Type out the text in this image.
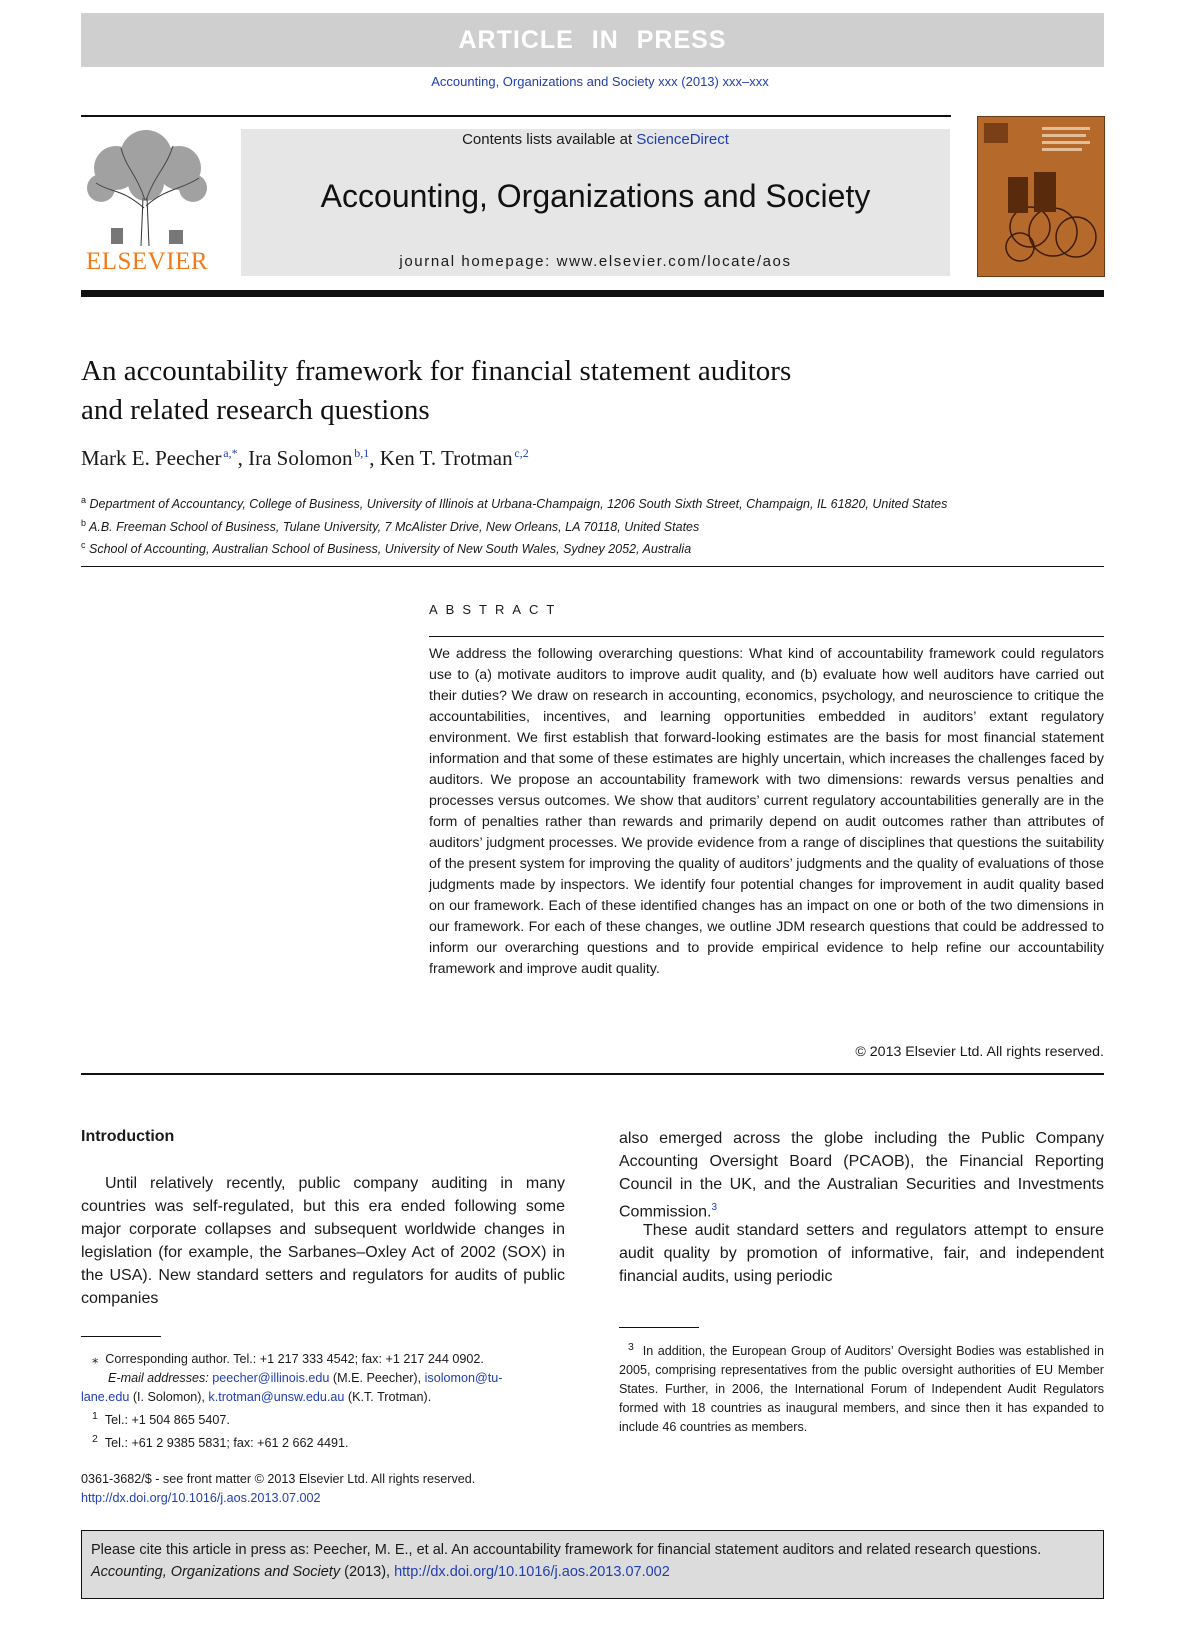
ARTICLE IN PRESS
Accounting, Organizations and Society xxx (2013) xxx–xxx
ELSEVIER
Contents lists available at ScienceDirect
Accounting, Organizations and Society
journal homepage: www.elsevier.com/locate/aos
An accountability framework for financial statement auditors
and related research questions
Mark E. Peecher  $^{a,*}$, Ira Solomon  $^{b,1}$, Ken T. Trotman  $^{c,2}$
$^a$ Department of Accountancy, College of Business, University of Illinois at Urbana-Champaign, 1206 South Sixth Street, Champaign, IL 61820, United States
$^b$ A.B. Freeman School of Business, Tulane University, 7 McAlister Drive, New Orleans, LA 70118, United States
$^c$ School of Accounting, Australian School of Business, University of New South Wales, Sydney 2052, Australia
ABSTRACT
We address the following overarching questions: What kind of accountability framework could regulators use to (a) motivate auditors to improve audit quality, and (b) evaluate how well auditors have carried out their duties? We draw on research in accounting, economics, psychology, and neuroscience to critique the accountabilities, incentives, and learning opportunities embedded in auditors’ extant regulatory environment. We first establish that forward-looking estimates are the basis for most financial statement information and that some of these estimates are highly uncertain, which increases the challenges faced by auditors. We propose an accountability framework with two dimensions: rewards versus penalties and processes versus outcomes. We show that auditors’ current regulatory accountabilities generally are in the form of penalties rather than rewards and primarily depend on audit outcomes rather than attributes of auditors’ judgment processes. We provide evidence from a range of disciplines that questions the suitability of the present system for improving the quality of auditors’ judgments and the quality of evaluations of those judgments made by inspectors. We identify four potential changes for improvement in audit quality based on our framework. Each of these identified changes has an impact on one or both of the two dimensions in our framework. For each of these changes, we outline JDM research questions that could be addressed to inform our overarching questions and to provide empirical evidence to help refine our accountability framework and improve audit quality.
© 2013 Elsevier Ltd. All rights reserved.
Introduction
Until relatively recently, public company auditing in many countries was self-regulated, but this era ended following some major corporate collapses and subsequent worldwide changes in legislation (for example, the Sarbanes–Oxley Act of 2002 (SOX) in the USA). New standard setters and regulators for audits of public companies
also emerged across the globe including the Public Company Accounting Oversight Board (PCAOB), the Financial Reporting Council in the UK, and the Australian Securities and Investments Commission.$^3$
These audit standard setters and regulators attempt to ensure audit quality by promotion of informative, fair, and independent financial audits, using periodic
⁎ Corresponding author. Tel.: +1 217 333 4542; fax: +1 217 244 0902.
E-mail addresses: peecher@illinois.edu (M.E. Peecher), isolomon@tu-
lane.edu (I. Solomon), k.trotman@unsw.edu.au (K.T. Trotman).
$^1$ Tel.: +1 504 865 5407.
$^2$ Tel.: +61 2 9385 5831; fax: +61 2 662 4491.
$^3$ In addition, the European Group of Auditors’ Oversight Bodies was established in 2005, comprising representatives from the public oversight authorities of EU Member States. Further, in 2006, the International Forum of Independent Audit Regulators formed with 18 countries as inaugural members, and since then it has expanded to include 46 countries as members.
0361-3682/$ - see front matter © 2013 Elsevier Ltd. All rights reserved.
http://dx.doi.org/10.1016/j.aos.2013.07.002
Please cite this article in press as: Peecher, M. E., et al. An accountability framework for financial statement auditors and related research questions. Accounting, Organizations and Society (2013), http://dx.doi.org/10.1016/j.aos.2013.07.002
